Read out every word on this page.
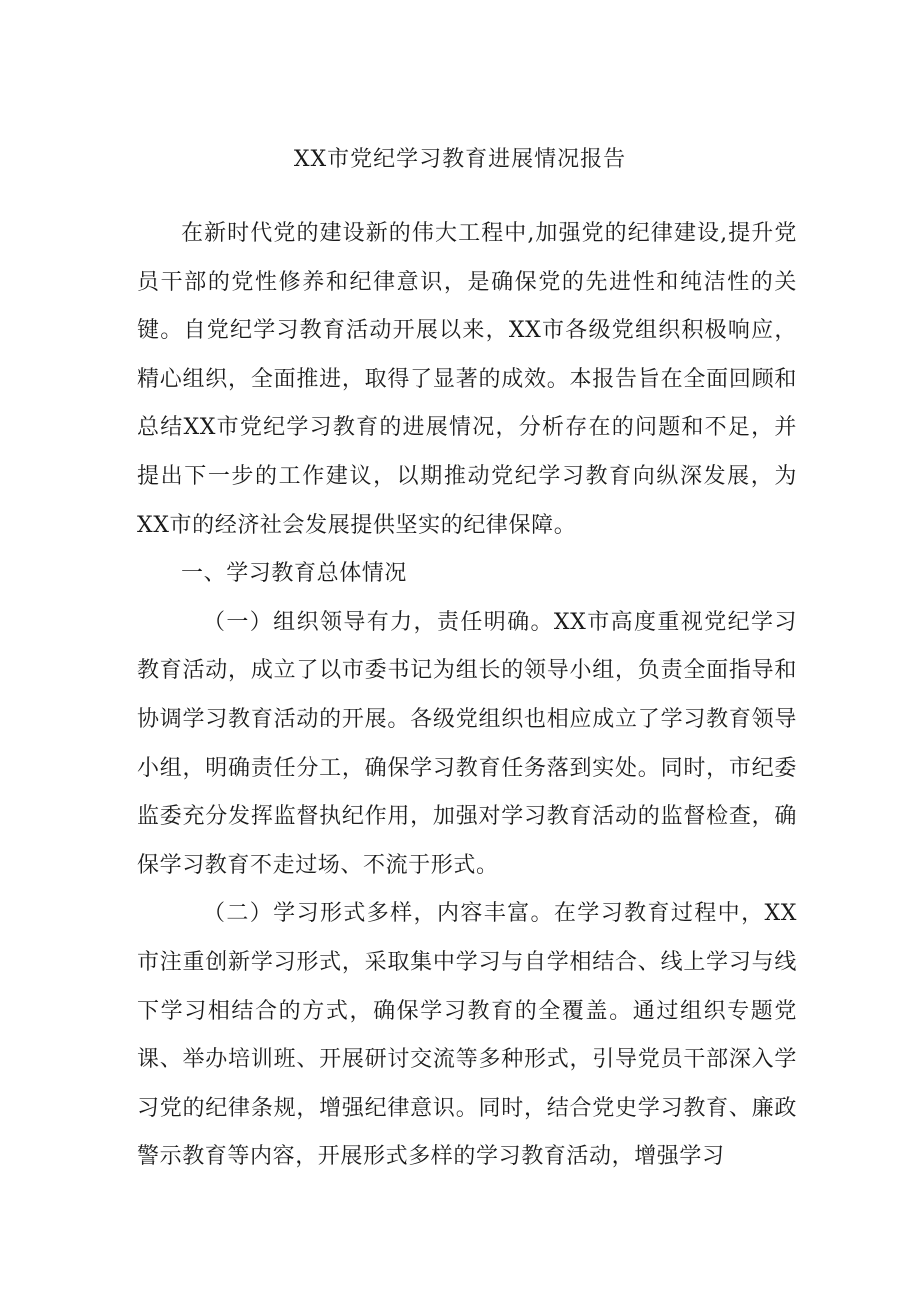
XX市党纪学习教育进展情况报告

在新时代党的建设新的伟大工程中,加强党的纪律建设,提升党员干部的党性修养和纪律意识，是确保党的先进性和纯洁性的关键。自党纪学习教育活动开展以来，XX市各级党组织积极响应，精心组织，全面推进，取得了显著的成效。本报告旨在全面回顾和总结XX市党纪学习教育的进展情况，分析存在的问题和不足，并提出下一步的工作建议，以期推动党纪学习教育向纵深发展，为XX市的经济社会发展提供坚实的纪律保障。

一、学习教育总体情况

（一）组织领导有力，责任明确。XX市高度重视党纪学习教育活动，成立了以市委书记为组长的领导小组，负责全面指导和协调学习教育活动的开展。各级党组织也相应成立了学习教育领导小组，明确责任分工，确保学习教育任务落到实处。同时，市纪委监委充分发挥监督执纪作用，加强对学习教育活动的监督检查，确保学习教育不走过场、不流于形式。

（二）学习形式多样，内容丰富。在学习教育过程中，XX市注重创新学习形式，采取集中学习与自学相结合、线上学习与线下学习相结合的方式，确保学习教育的全覆盖。通过组织专题党课、举办培训班、开展研讨交流等多种形式，引导党员干部深入学习党的纪律条规，增强纪律意识。同时，结合党史学习教育、廉政警示教育等内容，开展形式多样的学习教育活动，增强学习
